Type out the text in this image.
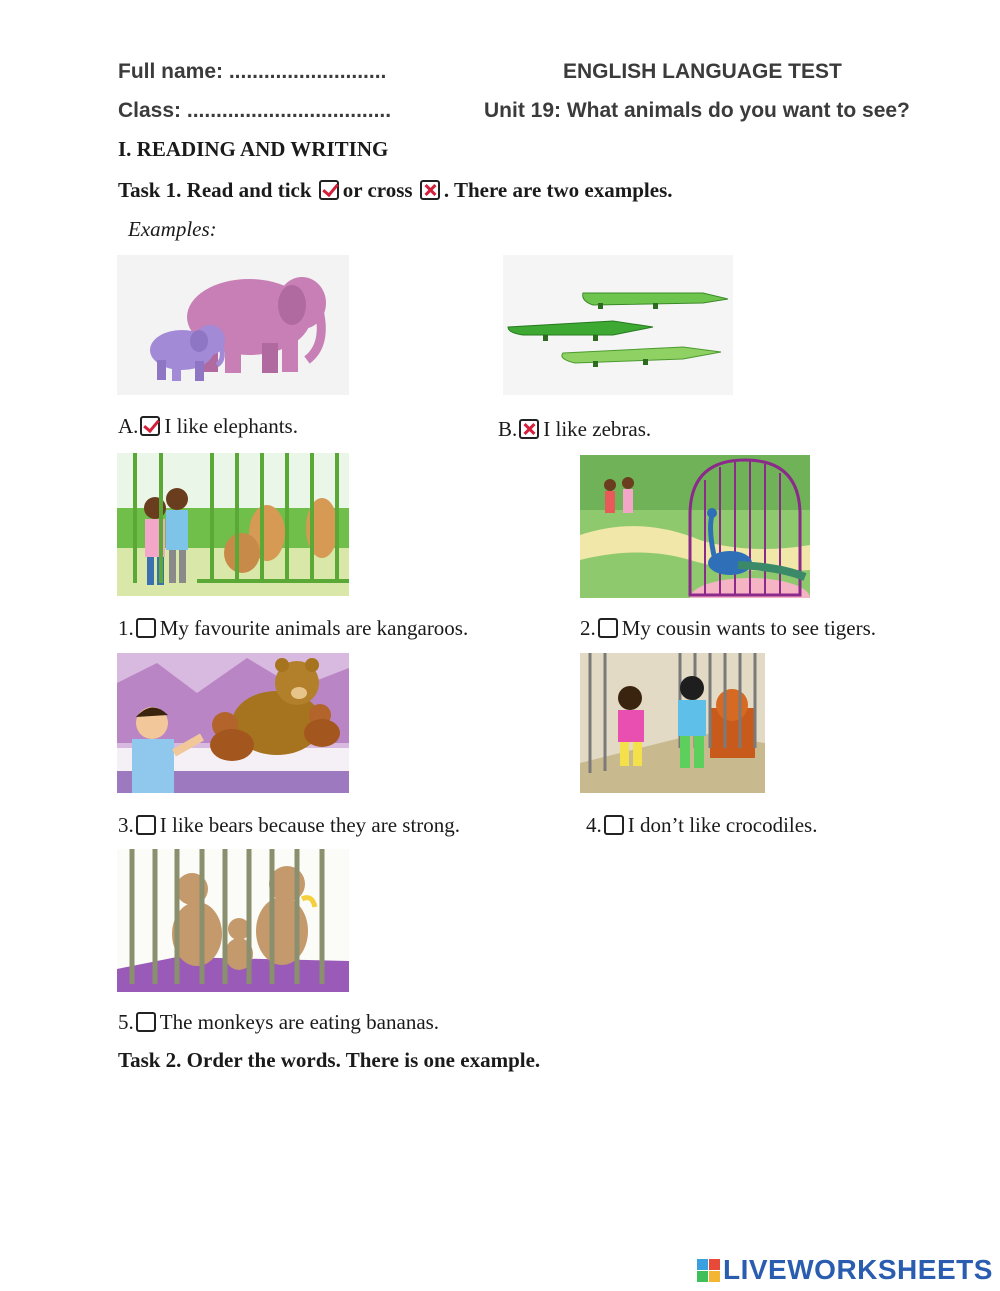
Full name: ...........................	ENGLISH LANGUAGE TEST
Class: ...................................	Unit 19: What animals do you want to see?
I. READING AND WRITING
Task 1. Read and tick or cross . There are two examples.
Examples:
A. I like elephants.	B. I like zebras.
1. My favourite animals are kangaroos.	2. My cousin wants to see tigers.
3. I like bears because they are strong.	4. I don’t like crocodiles.
5. The monkeys are eating bananas.
Task 2. Order the words. There is one example.
LIVEWORKSHEETS
